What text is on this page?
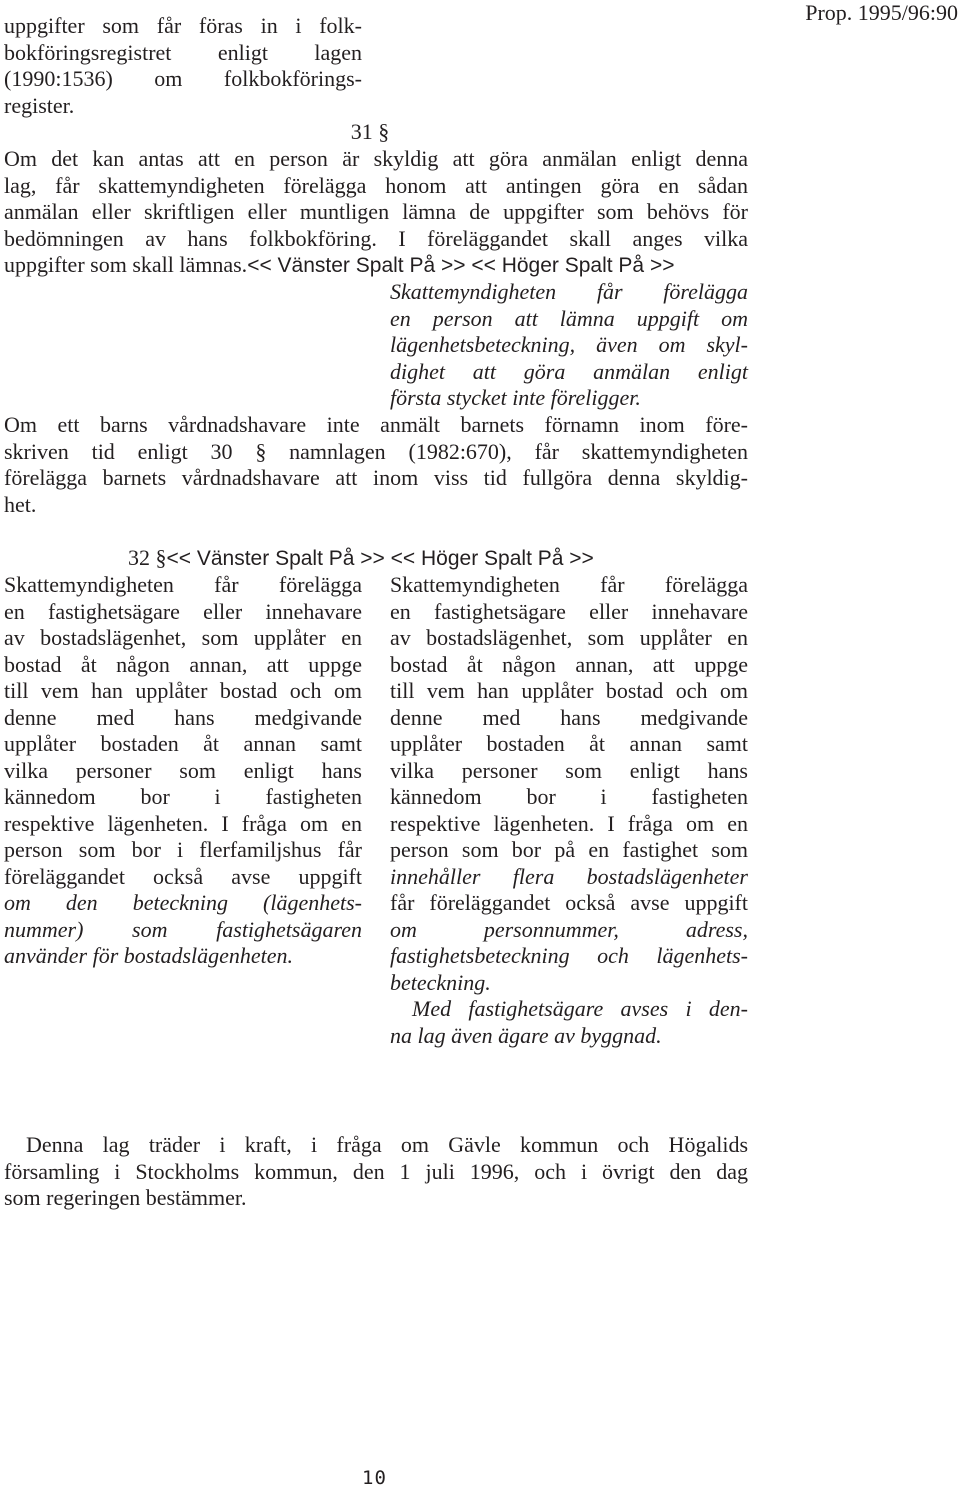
Prop. 1995/96:90
uppgifter som får föras in i folk-
bokföringsregistret enligt lagen
(1990:1536) om folkbokförings-
register.
31 §
Om det kan antas att en person är skyldig att göra anmälan enligt denna
lag, får skattemyndigheten förelägga honom att antingen göra en sådan
anmälan eller skriftligen eller muntligen lämna de uppgifter som behövs för
bedömningen av hans folkbokföring. I föreläggandet skall anges vilka
uppgifter som skall lämnas.<< Vänster Spalt På >> << Höger Spalt På >>
Skattemyndigheten får förelägga
en person att lämna uppgift om
lägenhetsbeteckning, även om skyl-
dighet att göra anmälan enligt
första stycket inte föreligger.
Om ett barns vårdnadshavare inte anmält barnets förnamn inom före-
skriven tid enligt 30 § namnlagen (1982:670), får skattemyndigheten
förelägga barnets vårdnadshavare att inom viss tid fullgöra denna skyldig-
het.
32 §<< Vänster Spalt På >> << Höger Spalt På >>
Skattemyndigheten får förelägga
en fastighetsägare eller innehavare
av bostadslägenhet, som upplåter en
bostad åt någon annan, att uppge
till vem han upplåter bostad och om
denne med hans medgivande
upplåter bostaden åt annan samt
vilka personer som enligt hans
kännedom bor i fastigheten
respektive lägenheten. I fråga om en
person som bor i flerfamiljshus får
föreläggandet också avse uppgift
om den beteckning (lägenhets-
nummer) som fastighetsägaren
använder för bostadslägenheten.
Skattemyndigheten får förelägga
en fastighetsägare eller innehavare
av bostadslägenhet, som upplåter en
bostad åt någon annan, att uppge
till vem han upplåter bostad och om
denne med hans medgivande
upplåter bostaden åt annan samt
vilka personer som enligt hans
kännedom bor i fastigheten
respektive lägenheten. I fråga om en
person som bor på en fastighet som
innehåller flera bostadslägenheter
får föreläggandet också avse uppgift
om personnummer, adress,
fastighetsbeteckning och lägenhets-
beteckning.
Med fastighetsägare avses i den-
na lag även ägare av byggnad.
Denna lag träder i kraft, i fråga om Gävle kommun och Högalids
församling i Stockholms kommun, den 1 juli 1996, och i övrigt den dag
som regeringen bestämmer.
10
